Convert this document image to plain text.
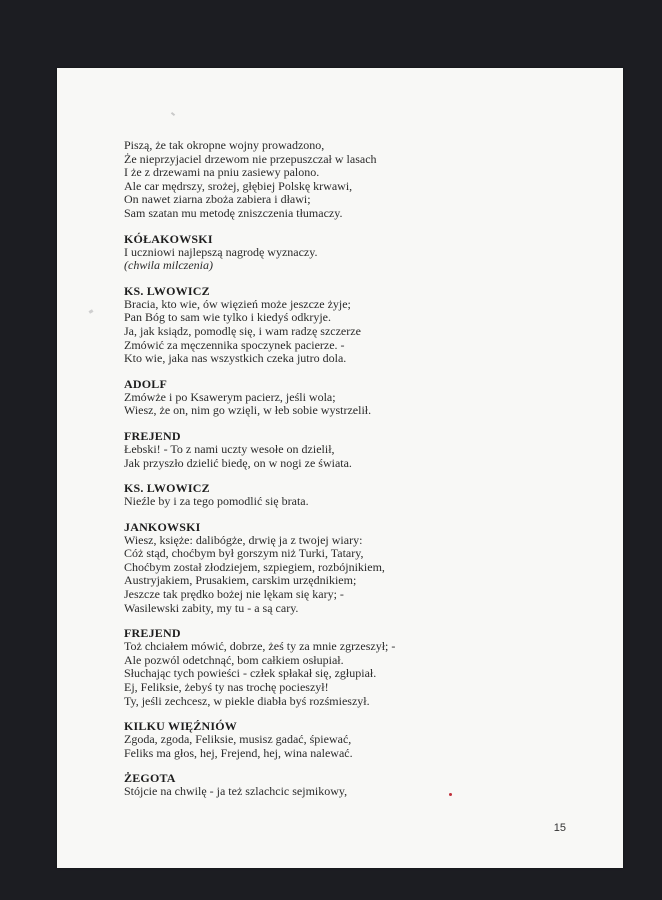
Piszą, że tak okropne wojny prowadzono,
Że nieprzyjaciel drzewom nie przepuszczał w lasach
I że z drzewami na pniu zasiewy palono.
Ale car mędrszy, srożej, głębiej Polskę krwawi,
On nawet ziarna zboża zabiera i dławi;
Sam szatan mu metodę zniszczenia tłumaczy.
KÓŁAKOWSKI
I uczniowi najlepszą nagrodę wyznaczy.
(chwila milczenia)
KS. LWOWICZ
Bracia, kto wie, ów więzień może jeszcze żyje;
Pan Bóg to sam wie tylko i kiedyś odkryje.
Ja, jak ksiądz, pomodlę się, i wam radzę szczerze
Zmówić za męczennika spoczynek pacierze. -
Kto wie, jaka nas wszystkich czeka jutro dola.
ADOLF
Zmówże i po Ksawerym pacierz, jeśli wola;
Wiesz, że on, nim go wzięli, w łeb sobie wystrzelił.
FREJEND
Łebski! - To z nami uczty wesołe on dzielił,
Jak przyszło dzielić biedę, on w nogi ze świata.
KS. LWOWICZ
Nieźle by i za tego pomodlić się brata.
JANKOWSKI
Wiesz, księże: dalibógże, drwię ja z twojej wiary:
Cóż stąd, choćbym był gorszym niż Turki, Tatary,
Choćbym został złodziejem, szpiegiem, rozbójnikiem,
Austryjakiem, Prusakiem, carskim urzędnikiem;
Jeszcze tak prędko bożej nie lękam się kary; -
Wasilewski zabity, my tu - a są cary.
FREJEND
Toż chciałem mówić, dobrze, żeś ty za mnie zgrzeszył; -
Ale pozwól odetchnąć, bom całkiem osłupiał.
Słuchając tych powieści - człek spłakał się, zgłupiał.
Ej, Feliksie, żebyś ty nas trochę pocieszył!
Ty, jeśli zechcesz, w piekle diabła byś rozśmieszył.
KILKU WIĘŹNIÓW
Zgoda, zgoda, Feliksie, musisz gadać, śpiewać,
Feliks ma głos, hej, Frejend, hej, wina nalewać.
ŻEGOTA
Stójcie na chwilę - ja też szlachcic sejmikowy,
15
